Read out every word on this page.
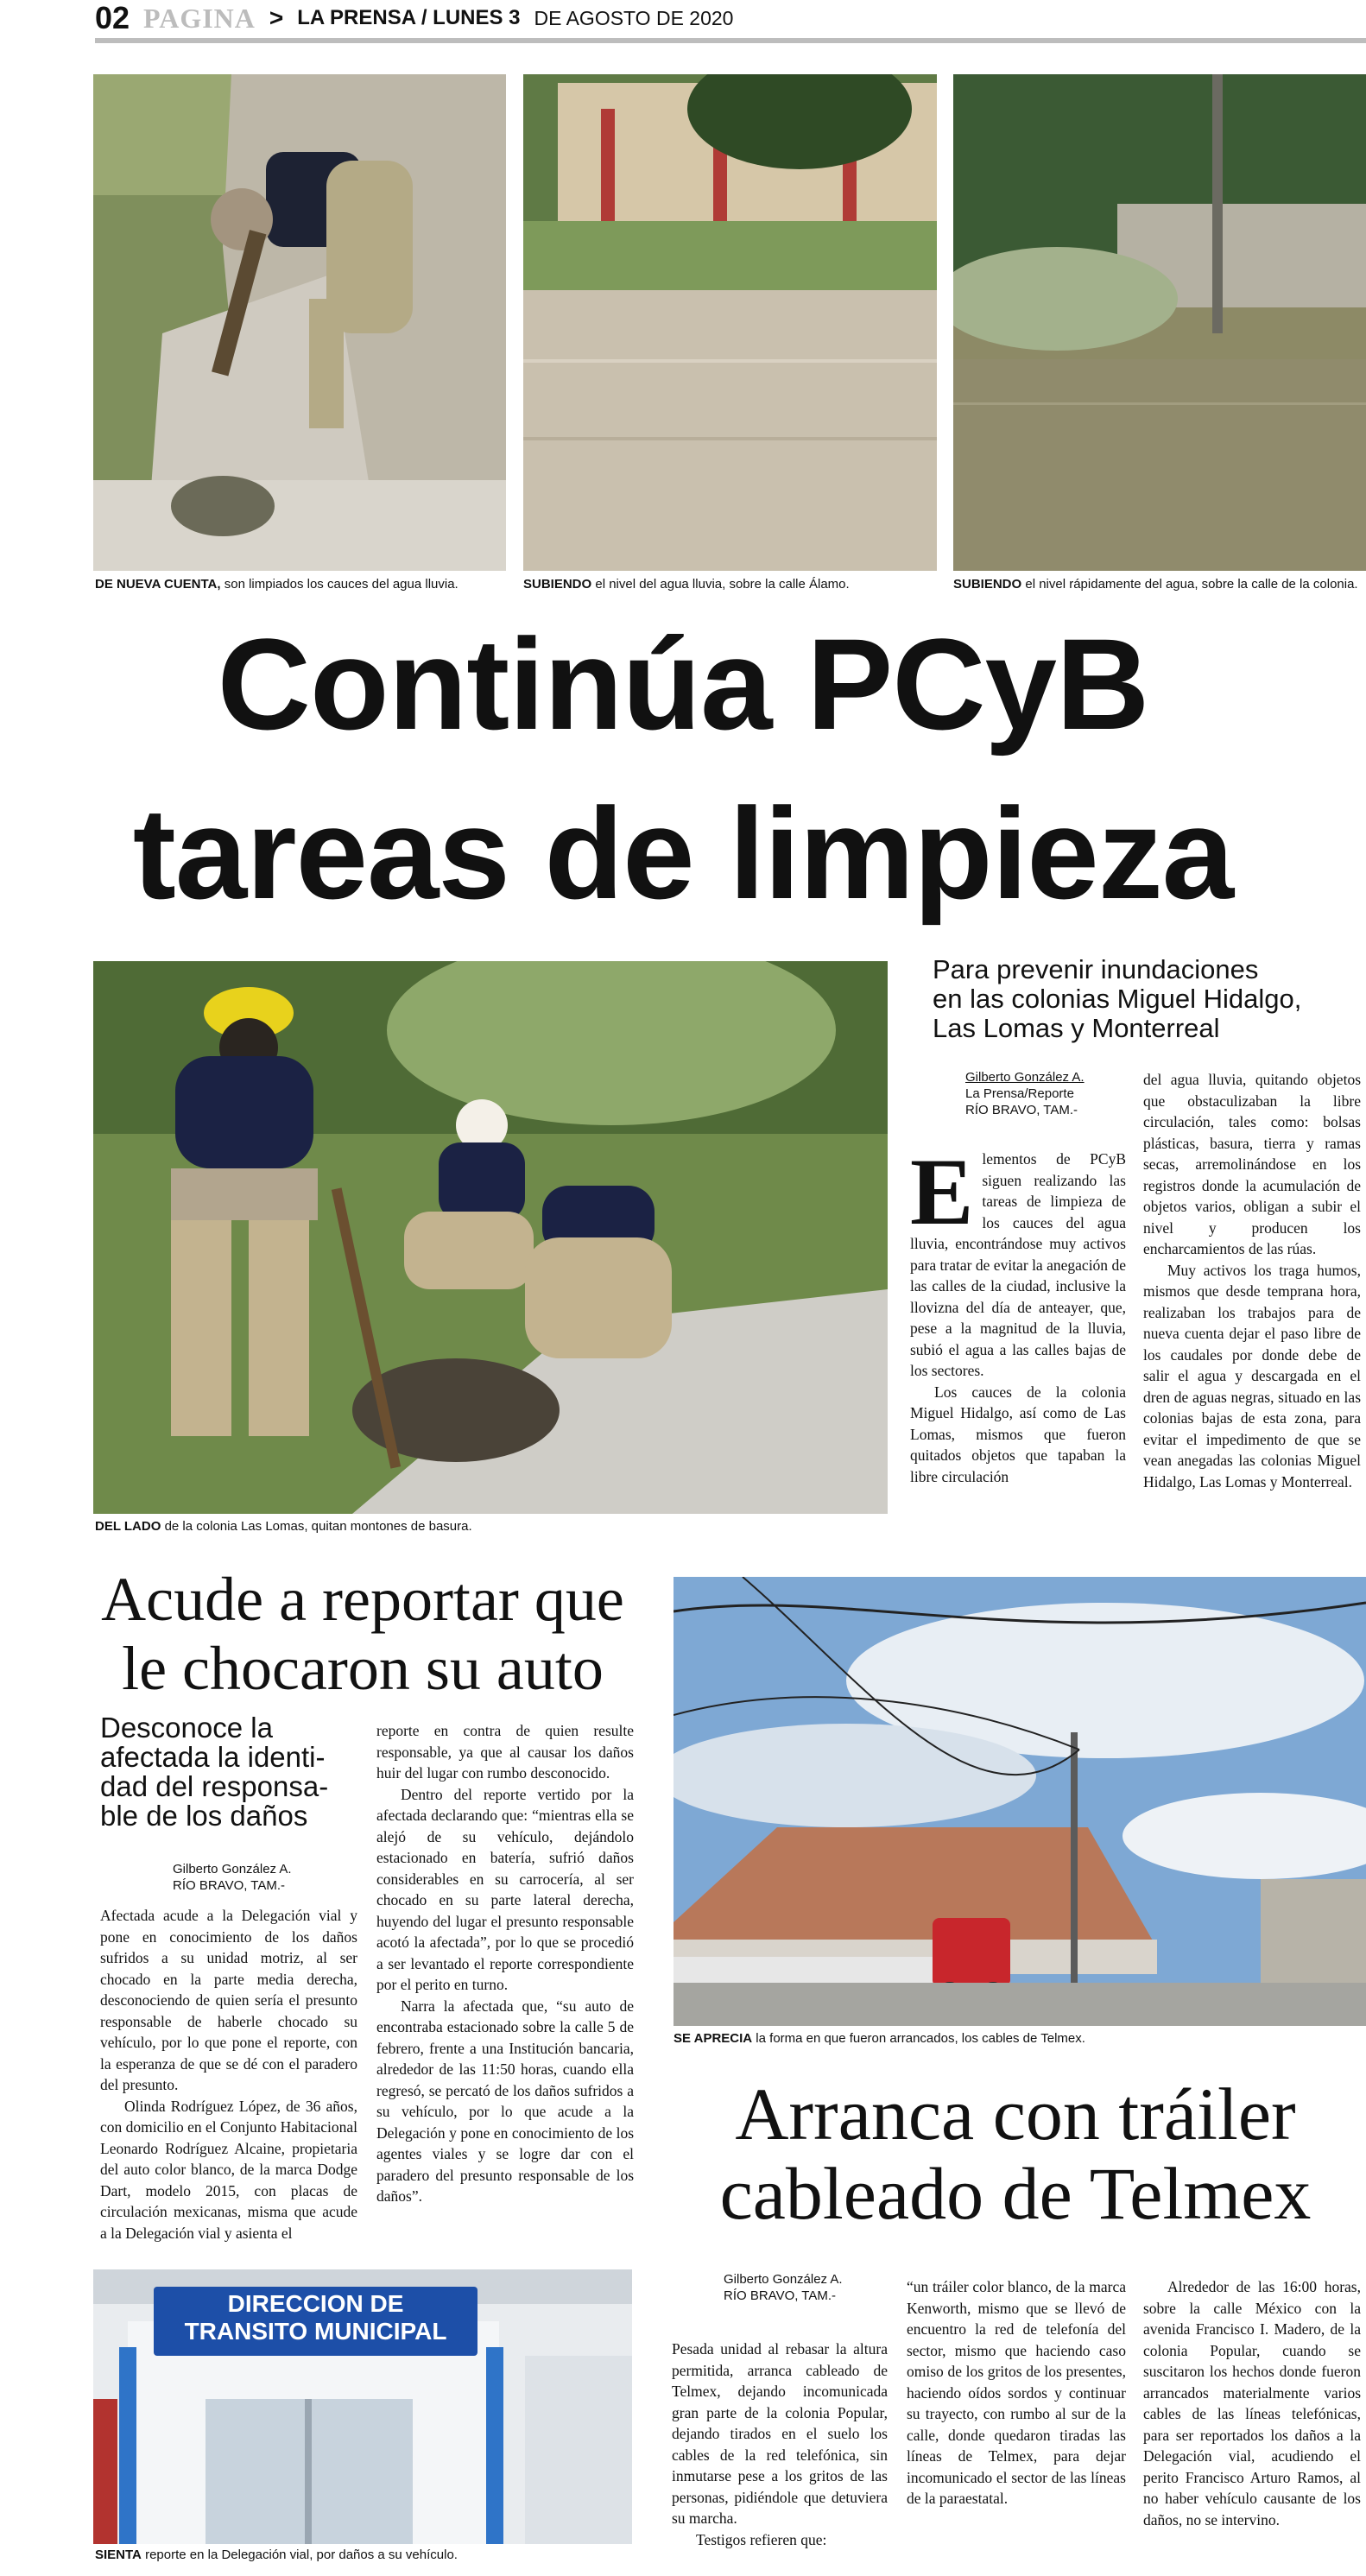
02 PAGINA > LA PRENSA / LUNES 3 DE AGOSTO DE 2020
DE NUEVA CUENTA, son limpiados los cauces del agua lluvia.	SUBIENDO el nivel del agua lluvia, sobre la calle Álamo.	SUBIENDO el nivel rápidamente del agua, sobre la calle de la colonia.
Continúa PCyB
tareas de limpieza
DEL LADO de la colonia Las Lomas, quitan montones de basura.
Para prevenir inundaciones
en las colonias Miguel Hidalgo,
Las Lomas y Monterreal
Gilberto González A.
La Prensa/Reporte
RÍO BRAVO, TAM.-

Elementos de PCyB siguen realizando las tareas de limpieza de los cauces del agua lluvia, encontrándose muy activos para tratar de evitar la anegación de las calles de la ciudad, inclusive la llovizna del día de anteayer, que, pese a la magnitud de la lluvia, subió el agua a las calles bajas de los sectores.

Los cauces de la colonia Miguel Hidalgo, así como de Las Lomas, mismos que fueron quitados objetos que tapaban la libre circulación

del agua lluvia, quitando objetos que obstaculizaban la libre circulación, tales como: bolsas plásticas, basura, tierra y ramas secas, arremolinándose en los registros donde la acumulación de objetos varios, obligan a subir el nivel y producen los encharcamientos de las rúas.

Muy activos los traga humos, mismos que desde temprana hora, realizaban los trabajos para de nueva cuenta dejar el paso libre de los caudales por donde debe de salir el agua y descargada en el dren de aguas negras, situado en las colonias bajas de esta zona, para evitar el impedimento de que se vean anegadas las colonias Miguel Hidalgo, Las Lomas y Monterreal.

Acude a reportar que
le chocaron su auto
Desconoce la
afectada la identi-
dad del responsa-
ble de los daños
Gilberto González A.
RÍO BRAVO, TAM.-

Afectada acude a la Delegación vial y pone en conocimiento de los daños sufridos a su unidad motriz, al ser chocado en la parte media derecha, desconociendo de quien sería el presunto responsable de haberle chocado su vehículo, por lo que pone el reporte, con la esperanza de que se dé con el paradero del presunto.

Olinda Rodríguez López, de 36 años, con domicilio en el Conjunto Habitacional Leonardo Rodríguez Alcaine, propietaria del auto color blanco, de la marca Dodge Dart, modelo 2015, con placas de circulación mexicanas, misma que acude a la Delegación vial y asienta el

reporte en contra de quien resulte responsable, ya que al causar los daños huir del lugar con rumbo desconocido.

Dentro del reporte vertido por la afectada declarando que: “mientras ella se alejó de su vehículo, dejándolo estacionado en batería, sufrió daños considerables en su carrocería, al ser chocado en su parte lateral derecha, huyendo del lugar el presunto responsable acotó la afectada”, por lo que se procedió a ser levantado el reporte correspondiente por el perito en turno.

Narra la afectada que, “su auto de encontraba estacionado sobre la calle 5 de febrero, frente a una Institución bancaria, alrededor de las 11:50 horas, cuando ella regresó, se percató de los daños sufridos a su vehículo, por lo que acude a la Delegación y pone en conocimiento de los agentes viales y se logre dar con el paradero del presunto responsable de los daños”.

DIRECCION DE
TRANSITO MUNICIPAL
SIENTA reporte en la Delegación vial, por daños a su vehículo.
SE APRECIA la forma en que fueron arrancados, los cables de Telmex.
Arranca con tráiler
cableado de Telmex
Gilberto González A.
RÍO BRAVO, TAM.-

Pesada unidad al rebasar la altura permitida, arranca cableado de Telmex, dejando incomunicada gran parte de la colonia Popular, dejando tirados en el suelo los cables de la red telefónica, sin inmutarse pese a los gritos de las personas, pidiéndole que detuviera su marcha.

Testigos refieren que:

“un tráiler color blanco, de la marca Kenworth, mismo que se llevó de encuentro la red de telefonía del sector, mismo que haciendo caso omiso de los gritos de los presentes, haciendo oídos sordos y continuar su trayecto, con rumbo al sur de la calle, donde quedaron tiradas las líneas de Telmex, para dejar incomunicado el sector de las líneas de la paraestatal.

Alrededor de las 16:00 horas, sobre la calle México con la avenida Francisco I. Madero, de la colonia Popular, cuando se suscitaron los hechos donde fueron arrancados materialmente varios cables de las líneas telefónicas, para ser reportados los daños a la Delegación vial, acudiendo el perito Francisco Arturo Ramos, al no haber vehículo causante de los daños, no se intervino.
